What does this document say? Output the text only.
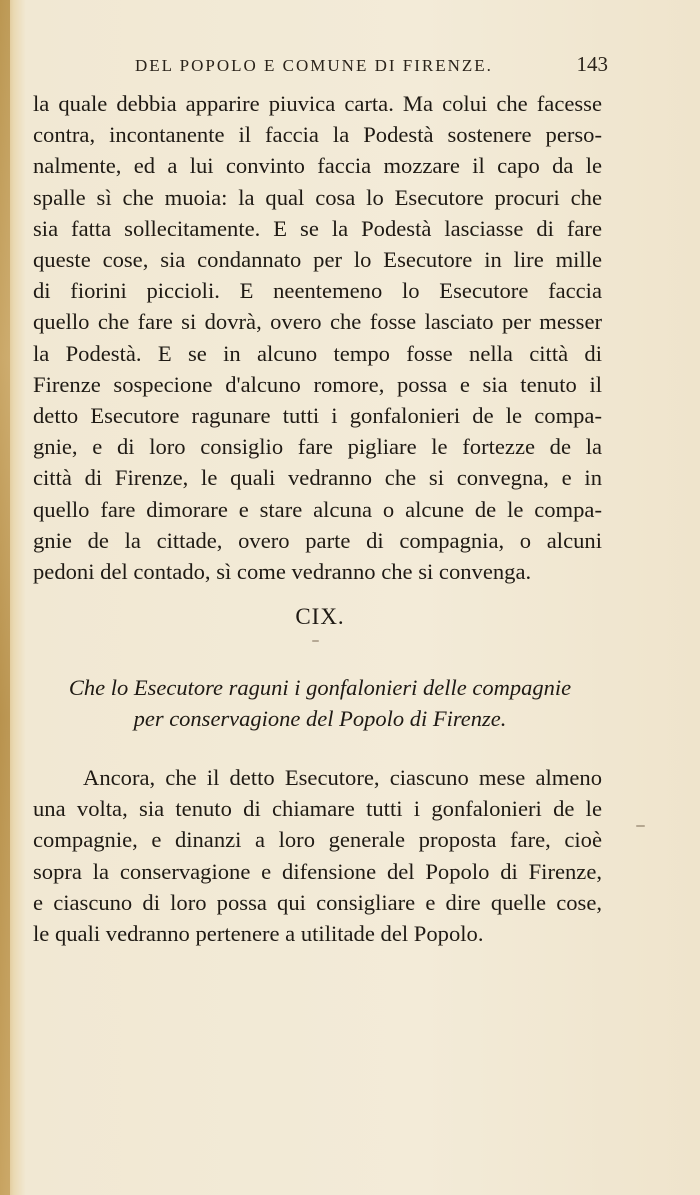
DEL POPOLO E COMUNE DI FIRENZE.	143
la quale debbia apparire piuvica carta. Ma colui che facesse
contra, incontanente il faccia la Podestà sostenere perso-
nalmente, ed a lui convinto faccia mozzare il capo da le
spalle sì che muoia: la qual cosa lo Esecutore procuri che
sia fatta sollecitamente. E se la Podestà lasciasse di fare
queste cose, sia condannato per lo Esecutore in lire mille
di fiorini piccioli. E neentemeno lo Esecutore faccia
quello che fare si dovrà, overo che fosse lasciato per messer
la Podestà. E se in alcuno tempo fosse nella città di
Firenze sospecione d'alcuno romore, possa e sia tenuto il
detto Esecutore ragunare tutti i gonfalonieri de le compa-
gnie, e di loro consiglio fare pigliare le fortezze de la
città di Firenze, le quali vedranno che si convegna, e in
quello fare dimorare e stare alcuna o alcune de le compa-
gnie de la cittade, overo parte di compagnia, o alcuni
pedoni del contado, sì come vedranno che si convenga.
CIX.
Che lo Esecutore raguni i gonfalonieri delle compagnie
per conservagione del Popolo di Firenze.
Ancora, che il detto Esecutore, ciascuno mese almeno
una volta, sia tenuto di chiamare tutti i gonfalonieri de le
compagnie, e dinanzi a loro generale proposta fare, cioè
sopra la conservagione e difensione del Popolo di Firenze,
e ciascuno di loro possa qui consigliare e dire quelle cose,
le quali vedranno pertenere a utilitade del Popolo.
